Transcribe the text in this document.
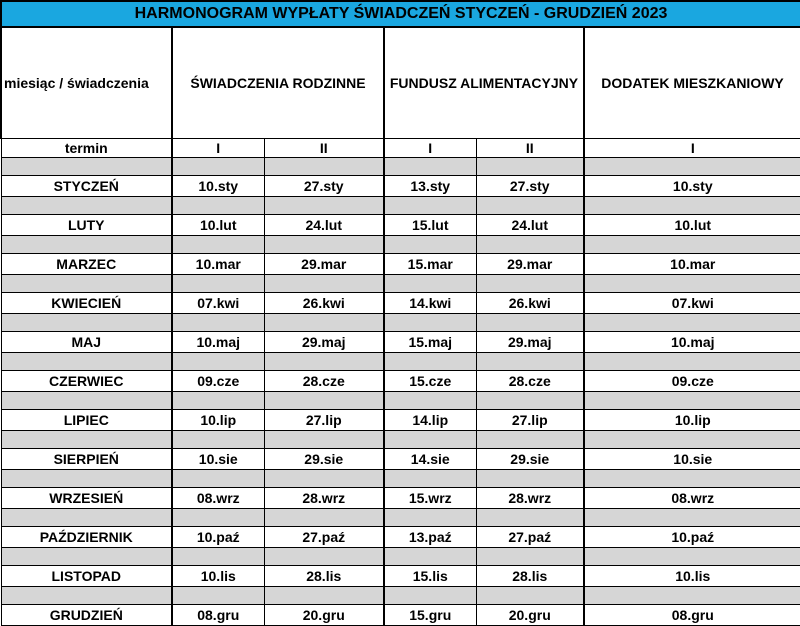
HARMONOGRAM WYPŁATY ŚWIADCZEŃ STYCZEŃ - GRUDZIEŃ 2023					
miesiąc / świadczenia	ŚWIADCZENIA RODZINNE		FUNDUSZ ALIMENTACYJNY		DODATEK MIESZKANIOWY
termin	I	II	I	II	I

STYCZEŃ	10.sty	27.sty	13.sty	27.sty	10.sty

LUTY	10.lut	24.lut	15.lut	24.lut	10.lut

MARZEC	10.mar	29.mar	15.mar	29.mar	10.mar

KWIECIEŃ	07.kwi	26.kwi	14.kwi	26.kwi	07.kwi

MAJ	10.maj	29.maj	15.maj	29.maj	10.maj

CZERWIEC	09.cze	28.cze	15.cze	28.cze	09.cze

LIPIEC	10.lip	27.lip	14.lip	27.lip	10.lip

SIERPIEŃ	10.sie	29.sie	14.sie	29.sie	10.sie

WRZESIEŃ	08.wrz	28.wrz	15.wrz	28.wrz	08.wrz

PAŹDZIERNIK	10.paź	27.paź	13.paź	27.paź	10.paź

LISTOPAD	10.lis	28.lis	15.lis	28.lis	10.lis

GRUDZIEŃ	08.gru	20.gru	15.gru	20.gru	08.gru
